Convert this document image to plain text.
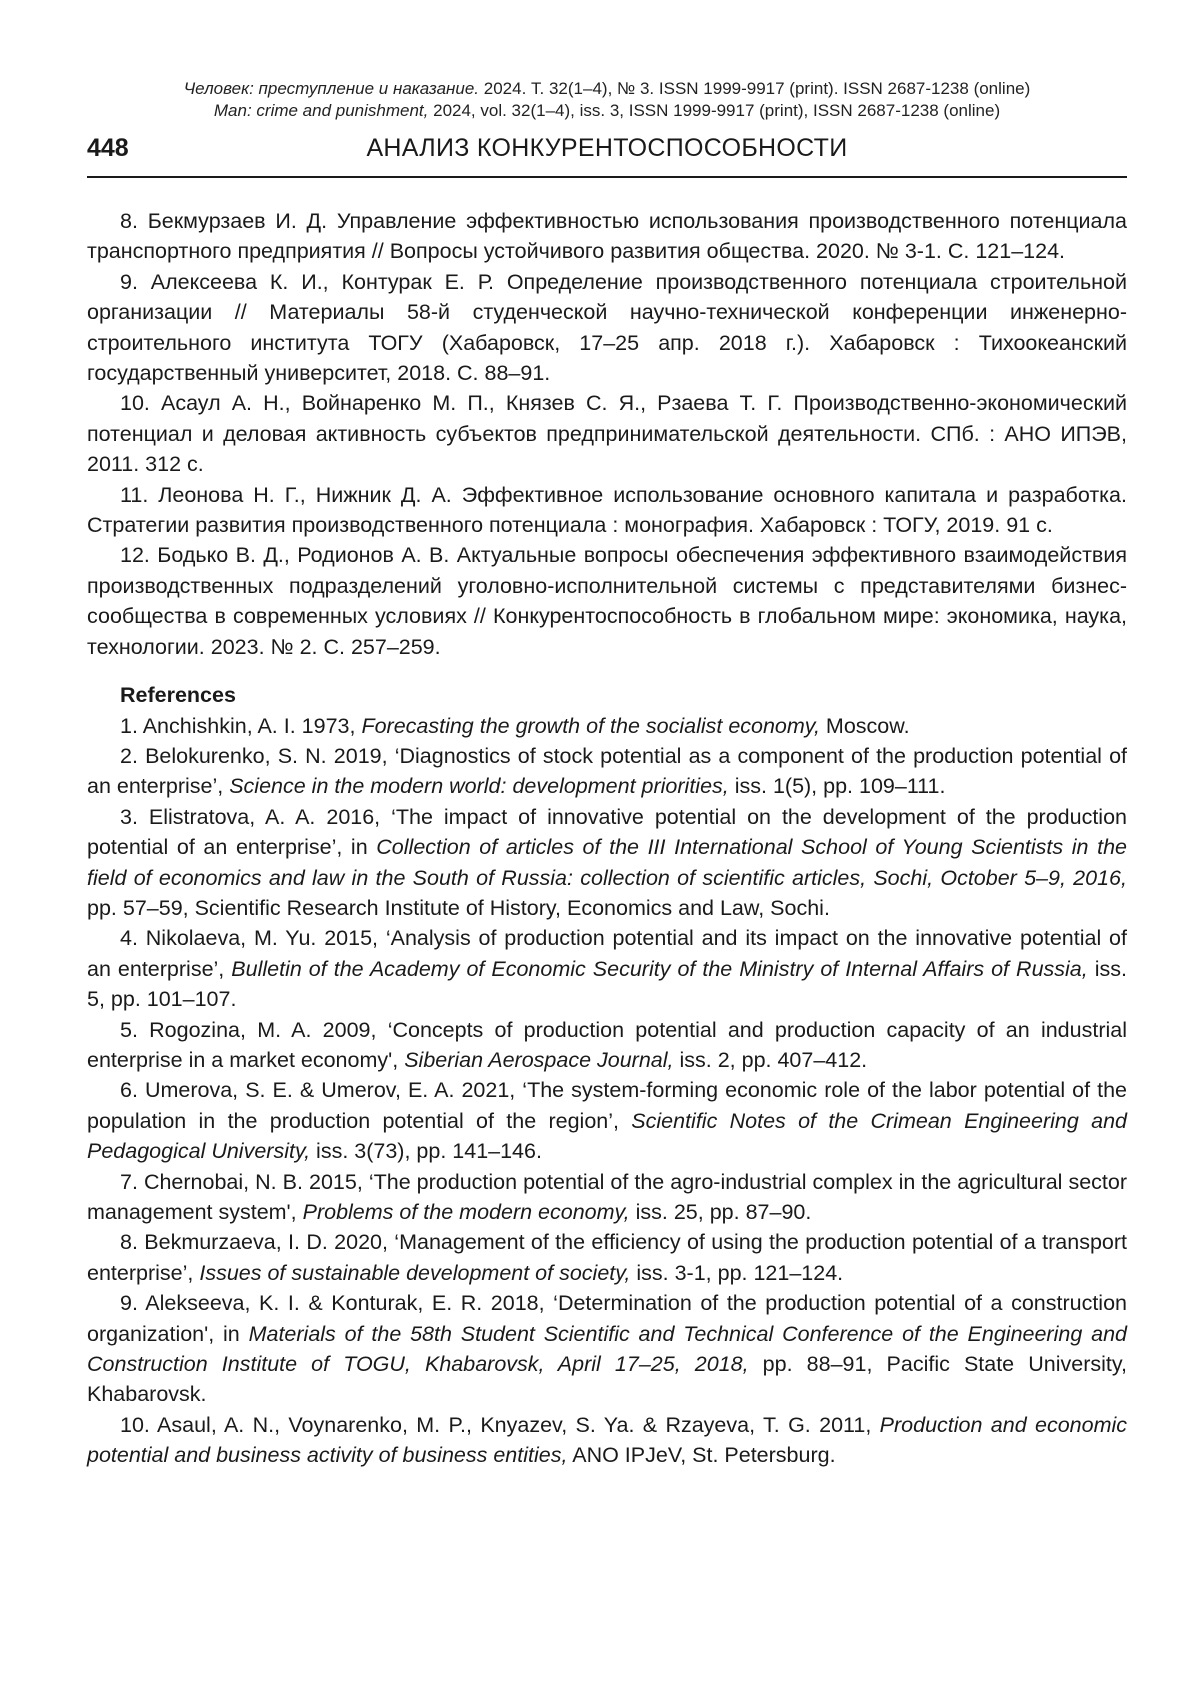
Человек: преступление и наказание. 2024. Т. 32(1–4), № 3. ISSN 1999-9917 (print). ISSN 2687-1238 (online)
Man: crime and punishment, 2024, vol. 32(1–4), iss. 3, ISSN 1999-9917 (print), ISSN 2687-1238 (online)
448	АНАЛИЗ КОНКУРЕНТОСПОСОБНОСТИ

8. Бекмурзаев И. Д. Управление эффективностью использования производственного потенциала транспортного предприятия // Вопросы устойчивого развития общества. 2020. № 3-1. С. 121–124.

9. Алексеева К. И., Контурак Е. Р. Определение производственного потенциала строительной организации // Материалы 58-й студенческой научно-технической конференции инженерно-строительного института ТОГУ (Хабаровск, 17–25 апр. 2018 г.). Хабаровск : Тихоокеанский государственный университет, 2018. С. 88–91.

10. Асаул А. Н., Войнаренко М. П., Князев С. Я., Рзаева Т. Г. Производственно-экономический потенциал и деловая активность субъектов предпринимательской деятельности. СПб. : АНО ИПЭВ, 2011. 312 с.

11. Леонова Н. Г., Нижник Д. А. Эффективное использование основного капитала и разработка. Стратегии развития производственного потенциала : монография. Хабаровск : ТОГУ, 2019. 91 с.

12. Бодько В. Д., Родионов А. В. Актуальные вопросы обеспечения эффективного взаимодействия производственных подразделений уголовно-исполнительной системы с представителями бизнес-сообщества в современных условиях // Конкурентоспособность в глобальном мире: экономика, наука, технологии. 2023. № 2. С. 257–259.

References

1. Anchishkin, A. I. 1973, Forecasting the growth of the socialist economy, Moscow.

2. Belokurenko, S. N. 2019, ‘Diagnostics of stock potential as a component of the production potential of an enterprise’, Science in the modern world: development priorities, iss. 1(5), pp. 109–111.

3. Elistratova, A. A. 2016, ‘The impact of innovative potential on the development of the production potential of an enterprise’, in Collection of articles of the III International School of Young Scientists in the field of economics and law in the South of Russia: collection of scientific articles, Sochi, October 5–9, 2016, pp. 57–59, Scientific Research Institute of History, Economics and Law, Sochi.

4. Nikolaeva, M. Yu. 2015, ‘Analysis of production potential and its impact on the innovative potential of an enterprise’, Bulletin of the Academy of Economic Security of the Ministry of Internal Affairs of Russia, iss. 5, pp. 101–107.

5. Rogozina, M. A. 2009, ‘Concepts of production potential and production capacity of an industrial enterprise in a market economy', Siberian Aerospace Journal, iss. 2, pp. 407–412.

6. Umerova, S. E. & Umerov, E. A. 2021, ‘The system-forming economic role of the labor potential of the population in the production potential of the region’, Scientific Notes of the Crimean Engineering and Pedagogical University, iss. 3(73), pp. 141–146.

7. Chernobai, N. B. 2015, ‘The production potential of the agro-industrial complex in the agricultural sector management system', Problems of the modern economy, iss. 25, pp. 87–90.

8. Bekmurzaeva, I. D. 2020, ‘Management of the efficiency of using the production potential of a transport enterprise’, Issues of sustainable development of society, iss. 3-1, pp. 121–124.

9. Alekseeva, K. I. & Konturak, E. R. 2018, ‘Determination of the production potential of a construction organization', in Materials of the 58th Student Scientific and Technical Conference of the Engineering and Construction Institute of TOGU, Khabarovsk, April 17–25, 2018, pp. 88–91, Pacific State University, Khabarovsk.

10. Asaul, A. N., Voynarenko, M. P., Knyazev, S. Ya. & Rzayeva, T. G. 2011, Production and economic potential and business activity of business entities, ANO IPJeV, St. Petersburg.
